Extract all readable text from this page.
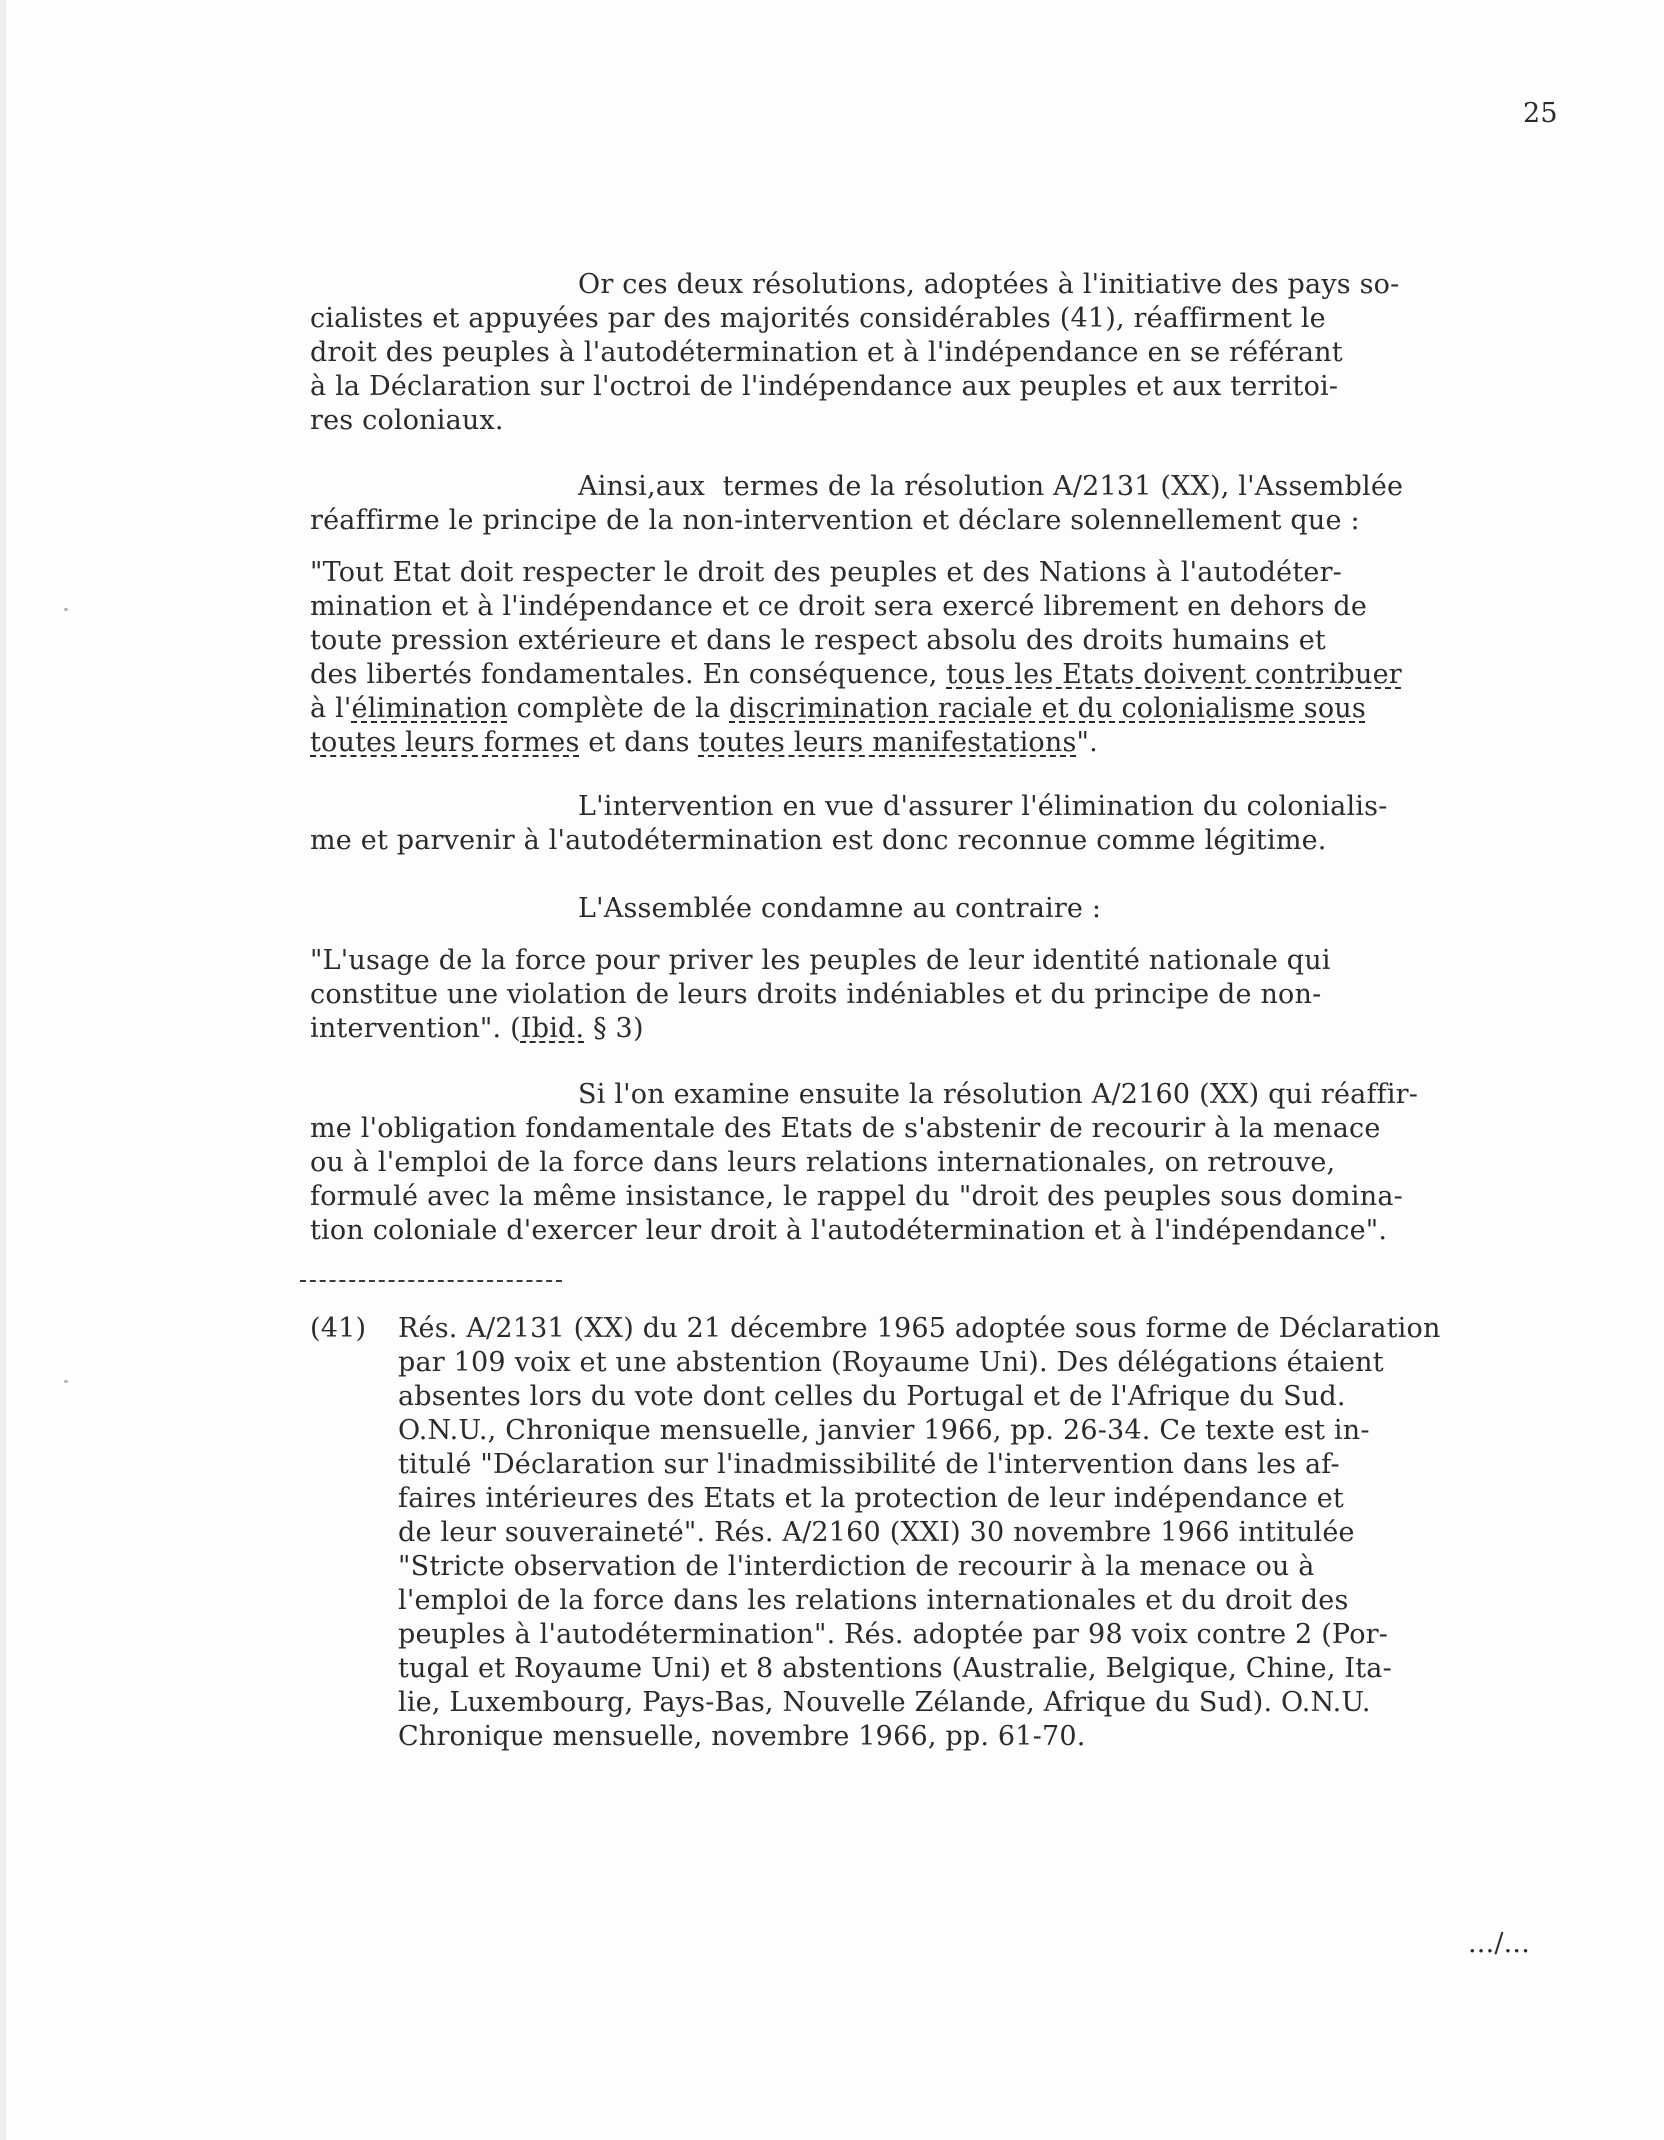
25
Or ces deux résolutions, adoptées à l'initiative des pays so-
cialistes et appuyées par des majorités considérables (41), réaffirment le
droit des peuples à l'autodétermination et à l'indépendance en se référant
à la Déclaration sur l'octroi de l'indépendance aux peuples et aux territoi-
res coloniaux.
Ainsi,aux  termes de la résolution A/2131 (XX), l'Assemblée
réaffirme le principe de la non-intervention et déclare solennellement que :
"Tout Etat doit respecter le droit des peuples et des Nations à l'autodéter-
mination et à l'indépendance et ce droit sera exercé librement en dehors de
toute pression extérieure et dans le respect absolu des droits humains et
des libertés fondamentales. En conséquence, tous les Etats doivent contribuer
à l'élimination complète de la discrimination raciale et du colonialisme sous
toutes leurs formes et dans toutes leurs manifestations".
L'intervention en vue d'assurer l'élimination du colonialis-
me et parvenir à l'autodétermination est donc reconnue comme légitime.
L'Assemblée condamne au contraire :
"L'usage de la force pour priver les peuples de leur identité nationale qui
constitue une violation de leurs droits indéniables et du principe de non-
intervention". (Ibid. § 3)
Si l'on examine ensuite la résolution A/2160 (XX) qui réaffir-
me l'obligation fondamentale des Etats de s'abstenir de recourir à la menace
ou à l'emploi de la force dans leurs relations internationales, on retrouve,
formulé avec la même insistance, le rappel du "droit des peuples sous domina-
tion coloniale d'exercer leur droit à l'autodétermination et à l'indépendance".
(41) Rés. A/2131 (XX) du 21 décembre 1965 adoptée sous forme de Déclaration
par 109 voix et une abstention (Royaume Uni). Des délégations étaient
absentes lors du vote dont celles du Portugal et de l'Afrique du Sud.
O.N.U., Chronique mensuelle, janvier 1966, pp. 26-34. Ce texte est in-
titulé "Déclaration sur l'inadmissibilité de l'intervention dans les af-
faires intérieures des Etats et la protection de leur indépendance et
de leur souveraineté". Rés. A/2160 (XXI) 30 novembre 1966 intitulée
"Stricte observation de l'interdiction de recourir à la menace ou à
l'emploi de la force dans les relations internationales et du droit des
peuples à l'autodétermination". Rés. adoptée par 98 voix contre 2 (Por-
tugal et Royaume Uni) et 8 abstentions (Australie, Belgique, Chine, Ita-
lie, Luxembourg, Pays-Bas, Nouvelle Zélande, Afrique du Sud). O.N.U.
Chronique mensuelle, novembre 1966, pp. 61-70.
.../...
